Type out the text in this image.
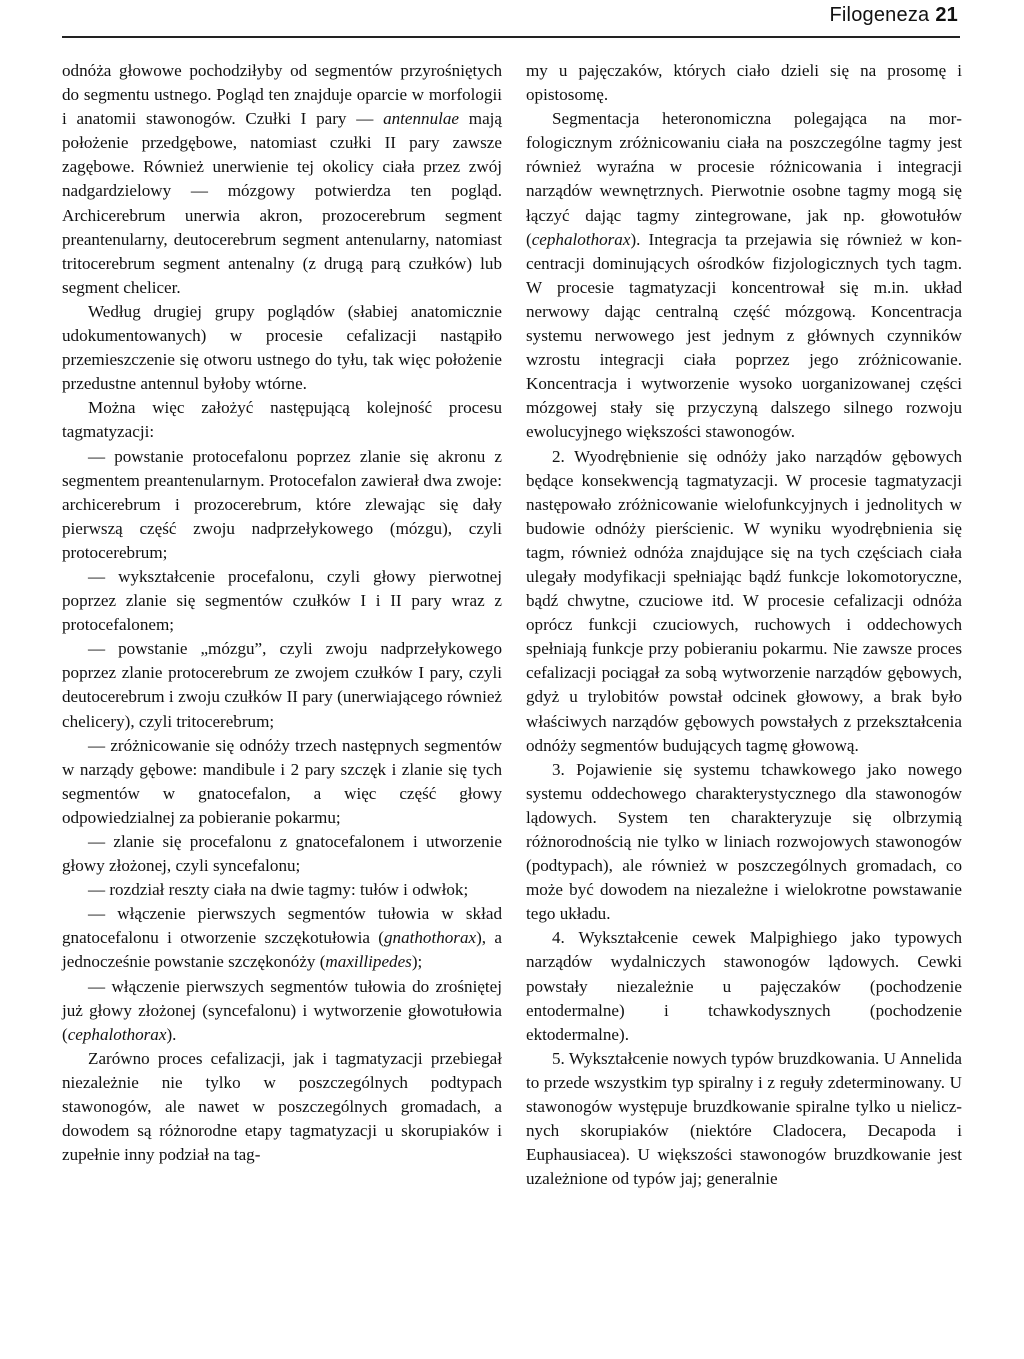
Filogeneza 21

odnóża głowowe pochodziłyby od segmentów przyrośniętych do segmentu ustnego. Pogląd ten znajduje oparcie w morfologii i anatomii stawonogów. Czułki I pary — antennulae mają położenie przedgębowe, natomiast czułki II pary zawsze zagębowe. Również unerwienie tej okolicy ciała przez zwój nadgardzielowy — mózgowy potwierdza ten pogląd. Archicerebrum unerwia akron, prozocerebrum segment preantenularny, deutocerebrum segment antenularny, natomiast tritocerebrum segment antenalny (z drugą parą czułków) lub segment chelicer.

Według drugiej grupy poglądów (słabiej anatomicznie udokumentowanych) w procesie cefalizacji nastąpiło przemieszczenie się otworu ustnego do tyłu, tak więc położenie przedustne antennul byłoby wtórne.

Można więc założyć następującą kolejność procesu tagmatyzacji:

— powstanie protocefalonu poprzez zlanie się akronu z segmentem preantenularnym. Protocefalon zawierał dwa zwoje: archicerebrum i prozocerebrum, które zlewając się dały pierwszą część zwoju nadprzełykowego (mózgu), czyli protocerebrum;

— wykształcenie procefalonu, czyli głowy pierwotnej poprzez zlanie się segmentów czułków I i II pary wraz z protocefalonem;

— powstanie „mózgu”, czyli zwoju nadprzełykowego poprzez zlanie protocerebrum ze zwojem czułków I pary, czyli deutocerebrum i zwoju czułków II pary (unerwiającego również chelicery), czyli tritocerebrum;

— zróżnicowanie się odnóży trzech następnych segmentów w narządy gębowe: mandibule i 2 pary szczęk i zlanie się tych segmentów w gnatocefalon, a więc część głowy odpowiedzialnej za pobieranie pokarmu;

— zlanie się procefalonu z gnatocefalonem i utworzenie głowy złożonej, czyli syncefalonu;

— rozdział reszty ciała na dwie tagmy: tułów i odwłok;

— włączenie pierwszych segmentów tułowia w skład gnatocefalonu i otworzenie szczękotułowia (gnathothorax), a jednocześnie powstanie szczękonóży (maxillipedes);

— włączenie pierwszych segmentów tułowia do zrośniętej już głowy złożonej (syncefalonu) i wytworzenie głowotułowia (cephalothorax).

Zarówno proces cefalizacji, jak i tagmatyzacji przebiegał niezależnie nie tylko w poszczególnych podtypach stawonogów, ale nawet w poszczególnych gromadach, a dowodem są różnorodne etapy tagmatyzacji u skorupiaków i zupełnie inny podział na tag-

my u pajęczaków, których ciało dzieli się na prosomę i opistosomę.

Segmentacja heteronomiczna polegająca na morfologicznym zróżnicowaniu ciała na poszczególne tagmy jest również wyraźna w procesie różnicowania i integracji narządów wewnętrznych. Pierwotnie osobne tagmy mogą się łączyć dając tagmy zintegrowane, jak np. głowotułów (cephalothorax). Integracja ta przejawia się również w koncentracji dominujących ośrodków fizjologicznych tych tagm. W procesie tagmatyzacji koncentrował się m.in. układ nerwowy dając centralną część mózgową. Koncentracja systemu nerwowego jest jednym z głównych czynników wzrostu integracji ciała poprzez jego zróżnicowanie. Koncentracja i wytworzenie wysoko uorganizowanej części mózgowej stały się przyczyną dalszego silnego rozwoju ewolucyjnego większości stawonogów.

2. Wyodrębnienie się odnóży jako narządów gębowych będące konsekwencją tagmatyzacji. W procesie tagmatyzacji następowało zróżnicowanie wielofunkcyjnych i jednolitych w budowie odnóży pierścienic. W wyniku wyodrębnienia się tagm, również odnóża znajdujące się na tych częściach ciała ulegały modyfikacji spełniając bądź funkcje lokomotoryczne, bądź chwytne, czuciowe itd. W procesie cefalizacji odnóża oprócz funkcji czuciowych, ruchowych i oddechowych spełniają funkcje przy pobieraniu pokarmu. Nie zawsze proces cefalizacji pociągał za sobą wytworzenie narządów gębowych, gdyż u trylobitów powstał odcinek głowowy, a brak było właściwych narządów gębowych powstałych z przekształcenia odnóży segmentów budujących tagmę głowową.

3. Pojawienie się systemu tchawkowego jako nowego systemu oddechowego charakterystycznego dla stawonogów lądowych. System ten charakteryzuje się olbrzymią różnorodnością nie tylko w liniach rozwojowych stawonogów (podtypach), ale również w poszczególnych gromadach, co może być dowodem na niezależne i wielokrotne powstawanie tego układu.

4. Wykształcenie cewek Malpighiego jako typowych narządów wydalniczych stawonogów lądowych. Cewki powstały niezależnie u pajęczaków (pochodzenie entodermalne) i tchawkodysznych (pochodzenie ektodermalne).

5. Wykształcenie nowych typów bruzdkowania. U Annelida to przede wszystkim typ spiralny i z reguły zdeterminowany. U stawonogów występuje bruzdkowanie spiralne tylko u nielicznych skorupiaków (niektóre Cladocera, Decapoda i Euphausiacea). U większości stawonogów bruzdkowanie jest uzależnione od typów jaj; generalnie
